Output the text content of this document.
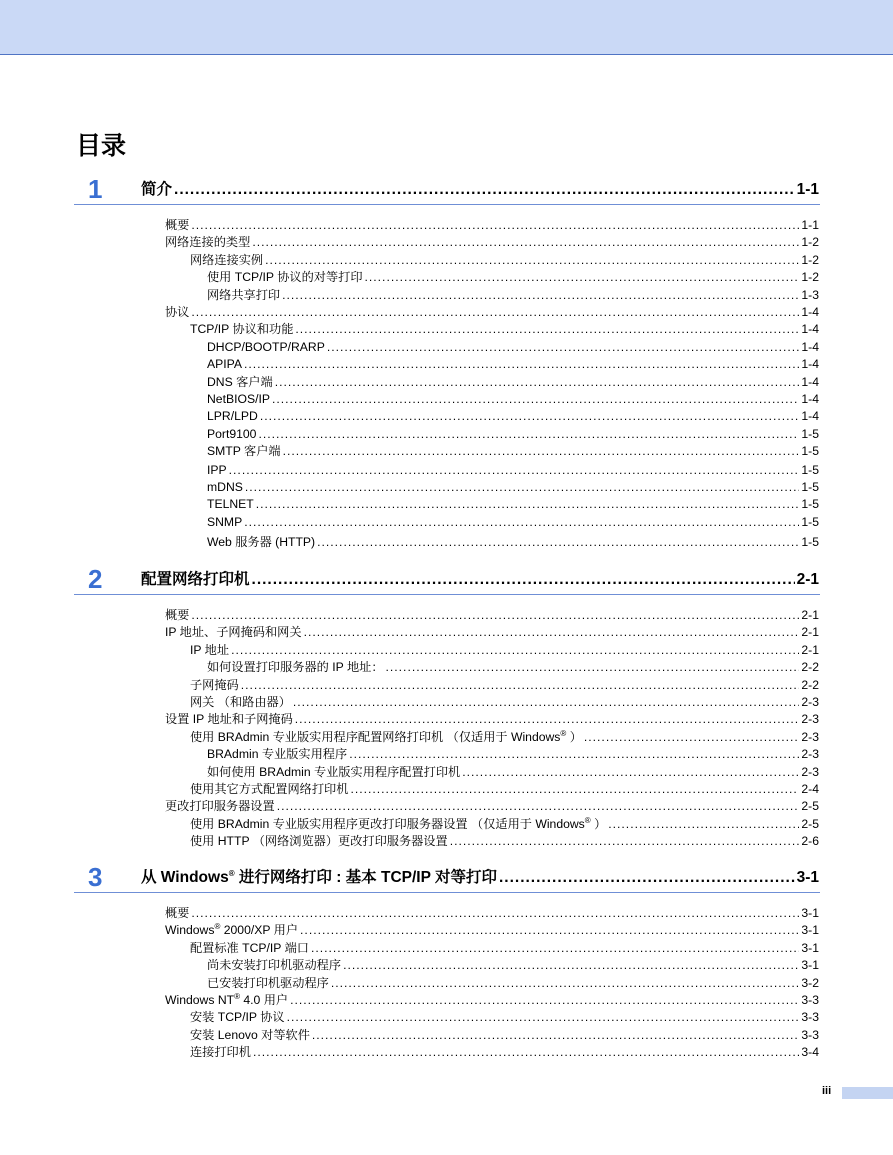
目录
1 简介 .....	1-1
概要 .....	1-1
网络连接的类型 .....	1-2
网络连接实例 .....	1-2
使用 TCP/IP 协议的对等打印 .....	1-2
网络共享打印 .....	1-3
协议 .....	1-4
TCP/IP 协议和功能 .....	1-4
DHCP/BOOTP/RARP .....	1-4
APIPA .....	1-4
DNS 客户端 .....	1-4
NetBIOS/IP .....	1-4
LPR/LPD .....	1-4
Port9100 .....	1-5
SMTP 客户端 .....	1-5
IPP .....	1-5
mDNS .....	1-5
TELNET .....	1-5
SNMP .....	1-5
Web 服务器 (HTTP) .....	1-5
2 配置网络打印机 .....	2-1
概要 .....	2-1
IP 地址、子网掩码和网关 .....	2-1
IP 地址 .....	2-1
如何设置打印服务器的 IP 地址： .....	2-2
子网掩码 .....	2-2
网关 （和路由器） .....	2-3
设置 IP 地址和子网掩码 .....	2-3
使用 BRAdmin 专业版实用程序配置网络打印机 （仅适用于 Windows® ） .....	2-3
BRAdmin 专业版实用程序 .....	2-3
如何使用 BRAdmin 专业版实用程序配置打印机 .....	2-3
使用其它方式配置网络打印机 .....	2-4
更改打印服务器设置 .....	2-5
使用 BRAdmin 专业版实用程序更改打印服务器设置 （仅适用于 Windows® ） .....	2-5
使用 HTTP （网络浏览器）更改打印服务器设置 .....	2-6
3 从 Windows® 进行网络打印 : 基本 TCP/IP 对等打印 .....	3-1
概要 .....	3-1
Windows® 2000/XP 用户 .....	3-1
配置标准 TCP/IP 端口 .....	3-1
尚未安装打印机驱动程序 .....	3-1
已安装打印机驱动程序 .....	3-2
Windows NT® 4.0 用户 .....	3-3
安装 TCP/IP 协议 .....	3-3
安装 Lenovo 对等软件 .....	3-3
连接打印机 .....	3-4
iii
